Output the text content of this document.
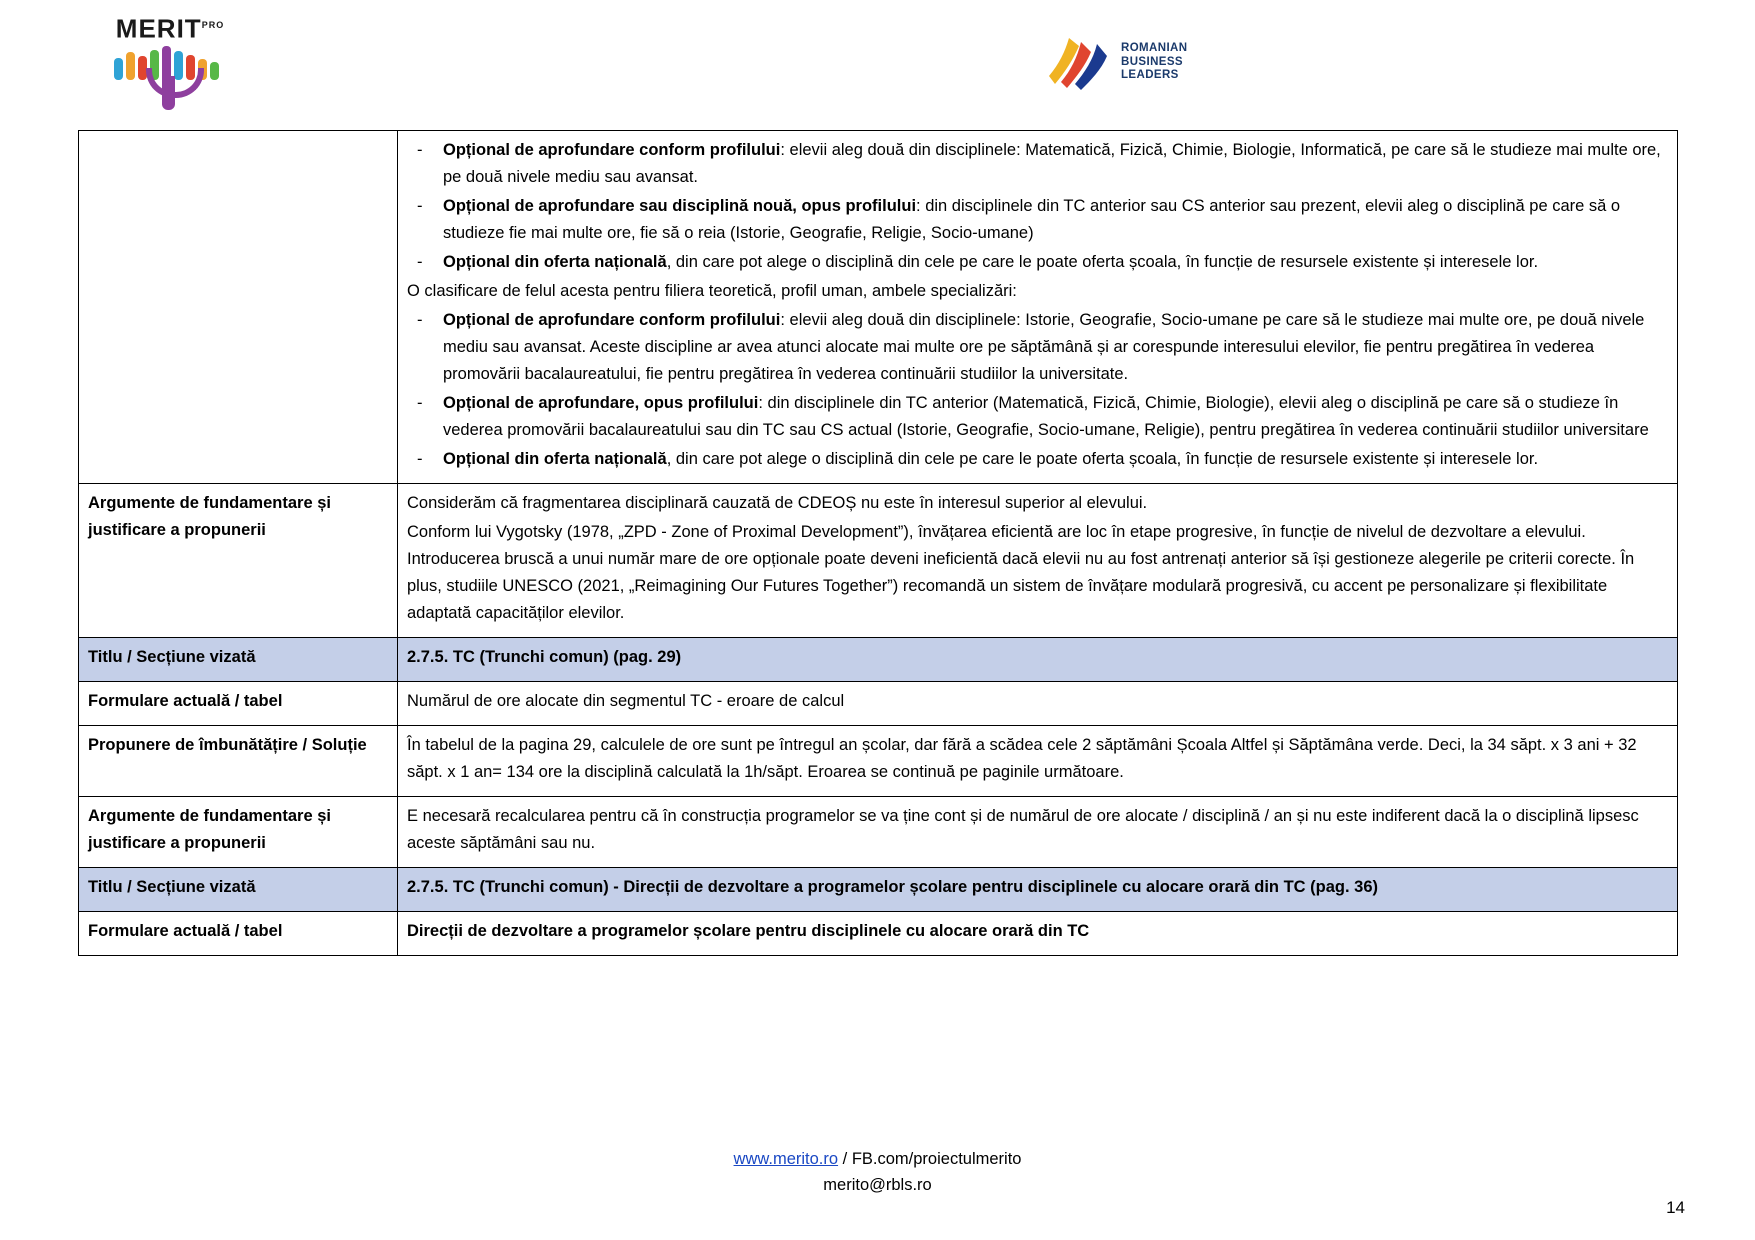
$MERIT^{PRO}$
ROMANIAN
BUSINESS
LEADERS

- Opțional de aprofundare conform profilului: elevii aleg două din disciplinele: Matematică, Fizică, Chimie, Biologie, Informatică, pe care să le studieze mai multe ore, pe două nivele mediu sau avansat.
- Opțional de aprofundare sau disciplină nouă, opus profilului: din disciplinele din TC anterior sau CS anterior sau prezent, elevii aleg o disciplină pe care să o studieze fie mai multe ore, fie să o reia (Istorie, Geografie, Religie, Socio-umane)
- Opțional din oferta națională, din care pot alege o disciplină din cele pe care le poate oferta școala, în funcție de resursele existente și interesele lor.

O clasificare de felul acesta pentru filiera teoretică, profil uman, ambele specializări:

- Opțional de aprofundare conform profilului: elevii aleg două din disciplinele: Istorie, Geografie, Socio-umane pe care să le studieze mai multe ore, pe două nivele mediu sau avansat. Aceste discipline ar avea atunci alocate mai multe ore pe săptămână și ar corespunde interesului elevilor, fie pentru pregătirea în vederea promovării bacalaureatului, fie pentru pregătirea în vederea continuării studiilor la universitate.
- Opțional de aprofundare, opus profilului: din disciplinele din TC anterior (Matematică, Fizică, Chimie, Biologie), elevii aleg o disciplină pe care să o studieze în vederea promovării bacalaureatului sau din TC sau CS actual (Istorie, Geografie, Socio-umane, Religie), pentru pregătirea în vederea continuării studiilor universitare
- Opțional din oferta națională, din care pot alege o disciplină din cele pe care le poate oferta școala, în funcție de resursele existente și interesele lor.

Argumente de fundamentare și justificare a propunerii	Considerăm că fragmentarea disciplinară cauzată de CDEOȘ nu este în interesul superior al elevului.

Conform lui Vygotsky (1978, „ZPD - Zone of Proximal Development”), învățarea eficientă are loc în etape progresive, în funcție de nivelul de dezvoltare a elevului. Introducerea bruscă a unui număr mare de ore opționale poate deveni ineficientă dacă elevii nu au fost antrenați anterior să își gestioneze alegerile pe criterii corecte. În plus, studiile UNESCO (2021, „Reimagining Our Futures Together”) recomandă un sistem de învățare modulară progresivă, cu accent pe personalizare și flexibilitate adaptată capacităților elevilor.

Titlu / Secțiune vizată	2.7.5. TC (Trunchi comun) (pag. 29)

Formulare actuală / tabel	Numărul de ore alocate din segmentul TC - eroare de calcul

Propunere de îmbunătățire / Soluție	În tabelul de la pagina 29, calculele de ore sunt pe întregul an școlar, dar fără a scădea cele 2 săptămâni Școala Altfel și Săptămâna verde. Deci, la 34 săpt. x 3 ani + 32 săpt. x 1 an= 134 ore la disciplină calculată la 1h/săpt. Eroarea se continuă pe paginile următoare.

Argumente de fundamentare și justificare a propunerii	E necesară recalcularea pentru că în construcția programelor se va ține cont și de numărul de ore alocate / disciplină / an și nu este indiferent dacă la o disciplină lipsesc aceste săptămâni sau nu.

Titlu / Secțiune vizată	2.7.5. TC (Trunchi comun) - Direcții de dezvoltare a programelor școlare pentru disciplinele cu alocare orară din TC (pag. 36)

Formulare actuală / tabel	Direcții de dezvoltare a programelor școlare pentru disciplinele cu alocare orară din TC

www.merito.ro / FB.com/proiectulmerito
merito@rbls.ro
14
